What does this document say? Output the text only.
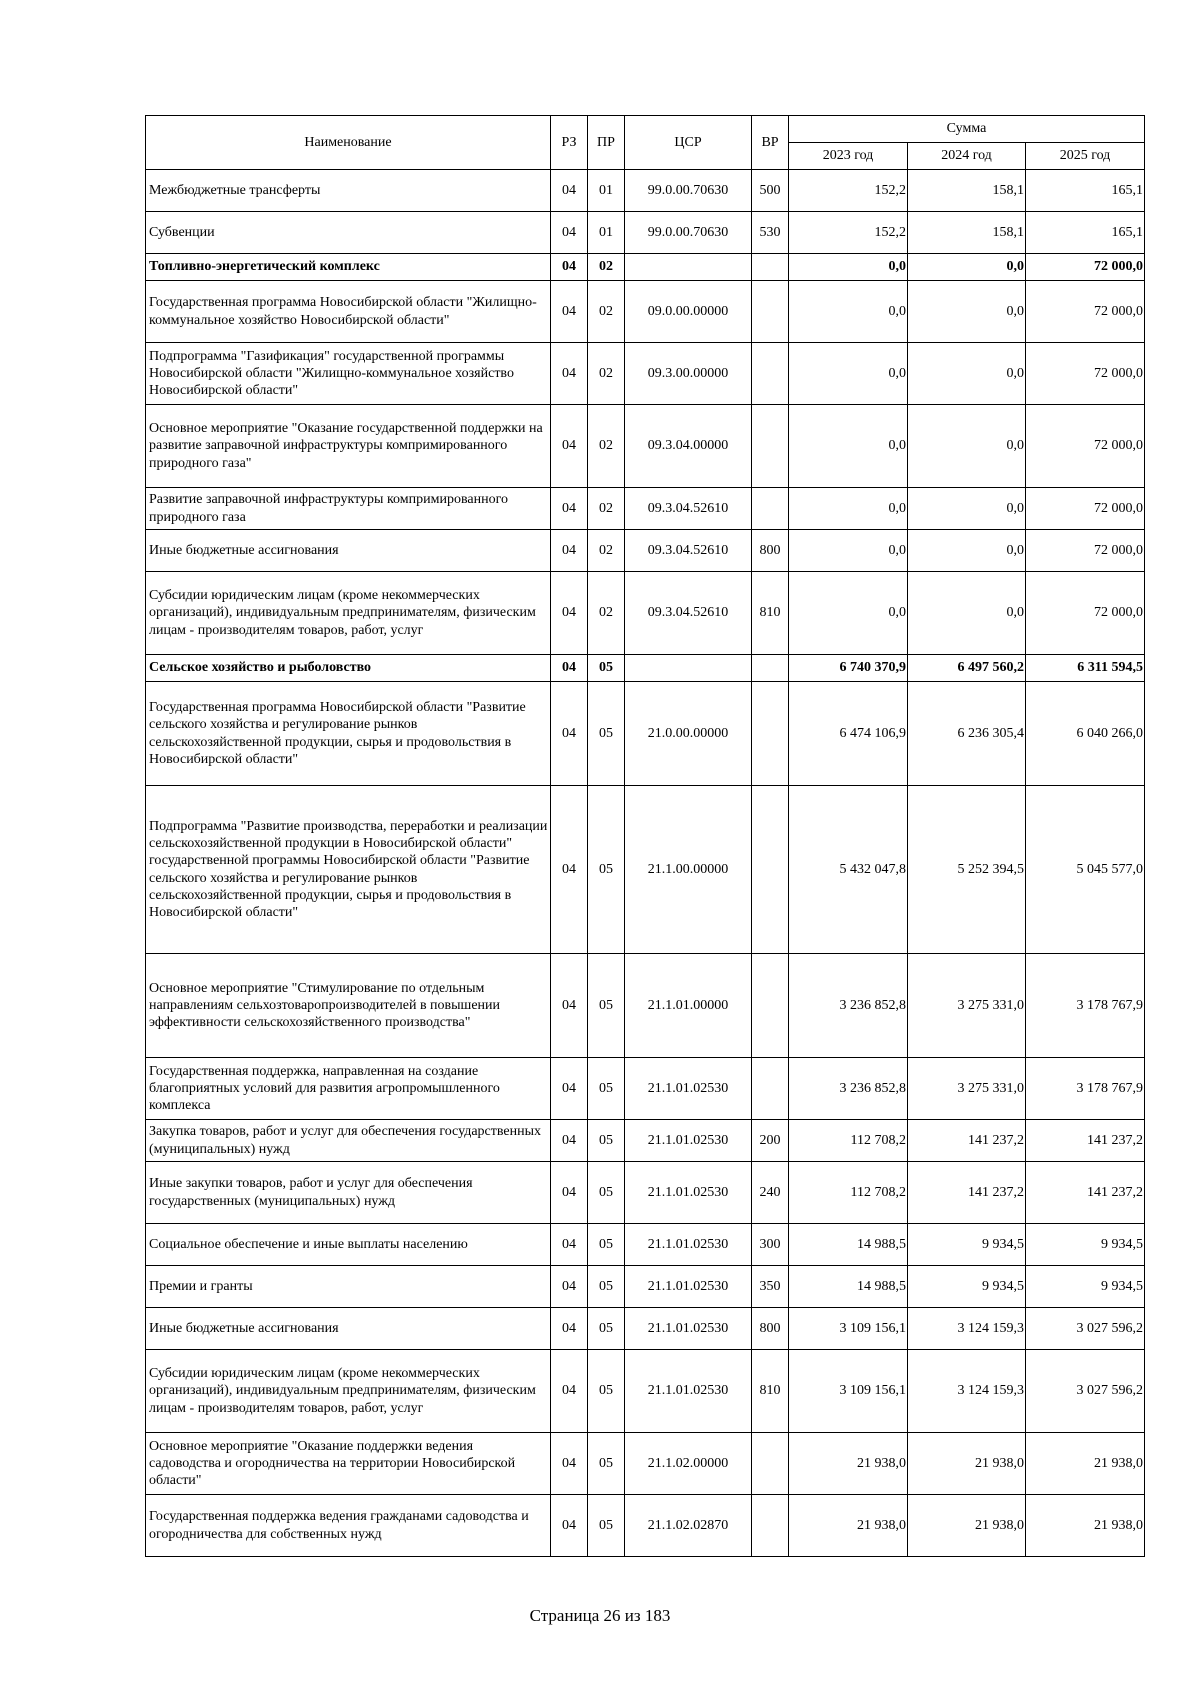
Наименование	РЗ	ПР	ЦСР	ВР	Сумма		
					2023 год	2024 год	2025 год
Межбюджетные трансферты	04	01	99.0.00.70630	500	152,2	158,1	165,1
Субвенции	04	01	99.0.00.70630	530	152,2	158,1	165,1
Топливно-энергетический комплекс	04	02			0,0	0,0	72 000,0
Государственная программа Новосибирской области "Жилищно-коммунальное хозяйство Новосибирской области"	04	02	09.0.00.00000		0,0	0,0	72 000,0
Подпрограмма "Газификация" государственной программы Новосибирской области "Жилищно-коммунальное хозяйство Новосибирской области"	04	02	09.3.00.00000		0,0	0,0	72 000,0
Основное мероприятие "Оказание государственной поддержки на развитие заправочной инфраструктуры компримированного природного газа"	04	02	09.3.04.00000		0,0	0,0	72 000,0
Развитие заправочной инфраструктуры компримированного природного газа	04	02	09.3.04.52610		0,0	0,0	72 000,0
Иные бюджетные ассигнования	04	02	09.3.04.52610	800	0,0	0,0	72 000,0
Субсидии юридическим лицам (кроме некоммерческих организаций), индивидуальным предпринимателям, физическим лицам - производителям товаров, работ, услуг	04	02	09.3.04.52610	810	0,0	0,0	72 000,0
Сельское хозяйство и рыболовство	04	05			6 740 370,9	6 497 560,2	6 311 594,5
Государственная программа Новосибирской области "Развитие сельского хозяйства и регулирование рынков сельскохозяйственной продукции, сырья и продовольствия в Новосибирской области"	04	05	21.0.00.00000		6 474 106,9	6 236 305,4	6 040 266,0
Подпрограмма "Развитие производства, переработки и реализации сельскохозяйственной продукции в Новосибирской области" государственной программы Новосибирской области "Развитие сельского хозяйства и регулирование рынков сельскохозяйственной продукции, сырья и продовольствия в Новосибирской области"	04	05	21.1.00.00000		5 432 047,8	5 252 394,5	5 045 577,0
Основное мероприятие "Стимулирование по отдельным направлениям сельхозтоваропроизводителей в повышении эффективности сельскохозяйственного производства"	04	05	21.1.01.00000		3 236 852,8	3 275 331,0	3 178 767,9
Государственная поддержка, направленная на создание благоприятных условий для развития агропромышленного комплекса	04	05	21.1.01.02530		3 236 852,8	3 275 331,0	3 178 767,9
Закупка товаров, работ и услуг для обеспечения государственных (муниципальных) нужд	04	05	21.1.01.02530	200	112 708,2	141 237,2	141 237,2
Иные закупки товаров, работ и услуг для обеспечения государственных (муниципальных) нужд	04	05	21.1.01.02530	240	112 708,2	141 237,2	141 237,2
Социальное обеспечение и иные выплаты населению	04	05	21.1.01.02530	300	14 988,5	9 934,5	9 934,5
Премии и гранты	04	05	21.1.01.02530	350	14 988,5	9 934,5	9 934,5
Иные бюджетные ассигнования	04	05	21.1.01.02530	800	3 109 156,1	3 124 159,3	3 027 596,2
Субсидии юридическим лицам (кроме некоммерческих организаций), индивидуальным предпринимателям, физическим лицам - производителям товаров, работ, услуг	04	05	21.1.01.02530	810	3 109 156,1	3 124 159,3	3 027 596,2
Основное мероприятие "Оказание поддержки ведения садоводства и огородничества на территории Новосибирской области"	04	05	21.1.02.00000		21 938,0	21 938,0	21 938,0
Государственная поддержка ведения гражданами садоводства и огородничества для собственных нужд	04	05	21.1.02.02870		21 938,0	21 938,0	21 938,0
Страница 26 из 183
